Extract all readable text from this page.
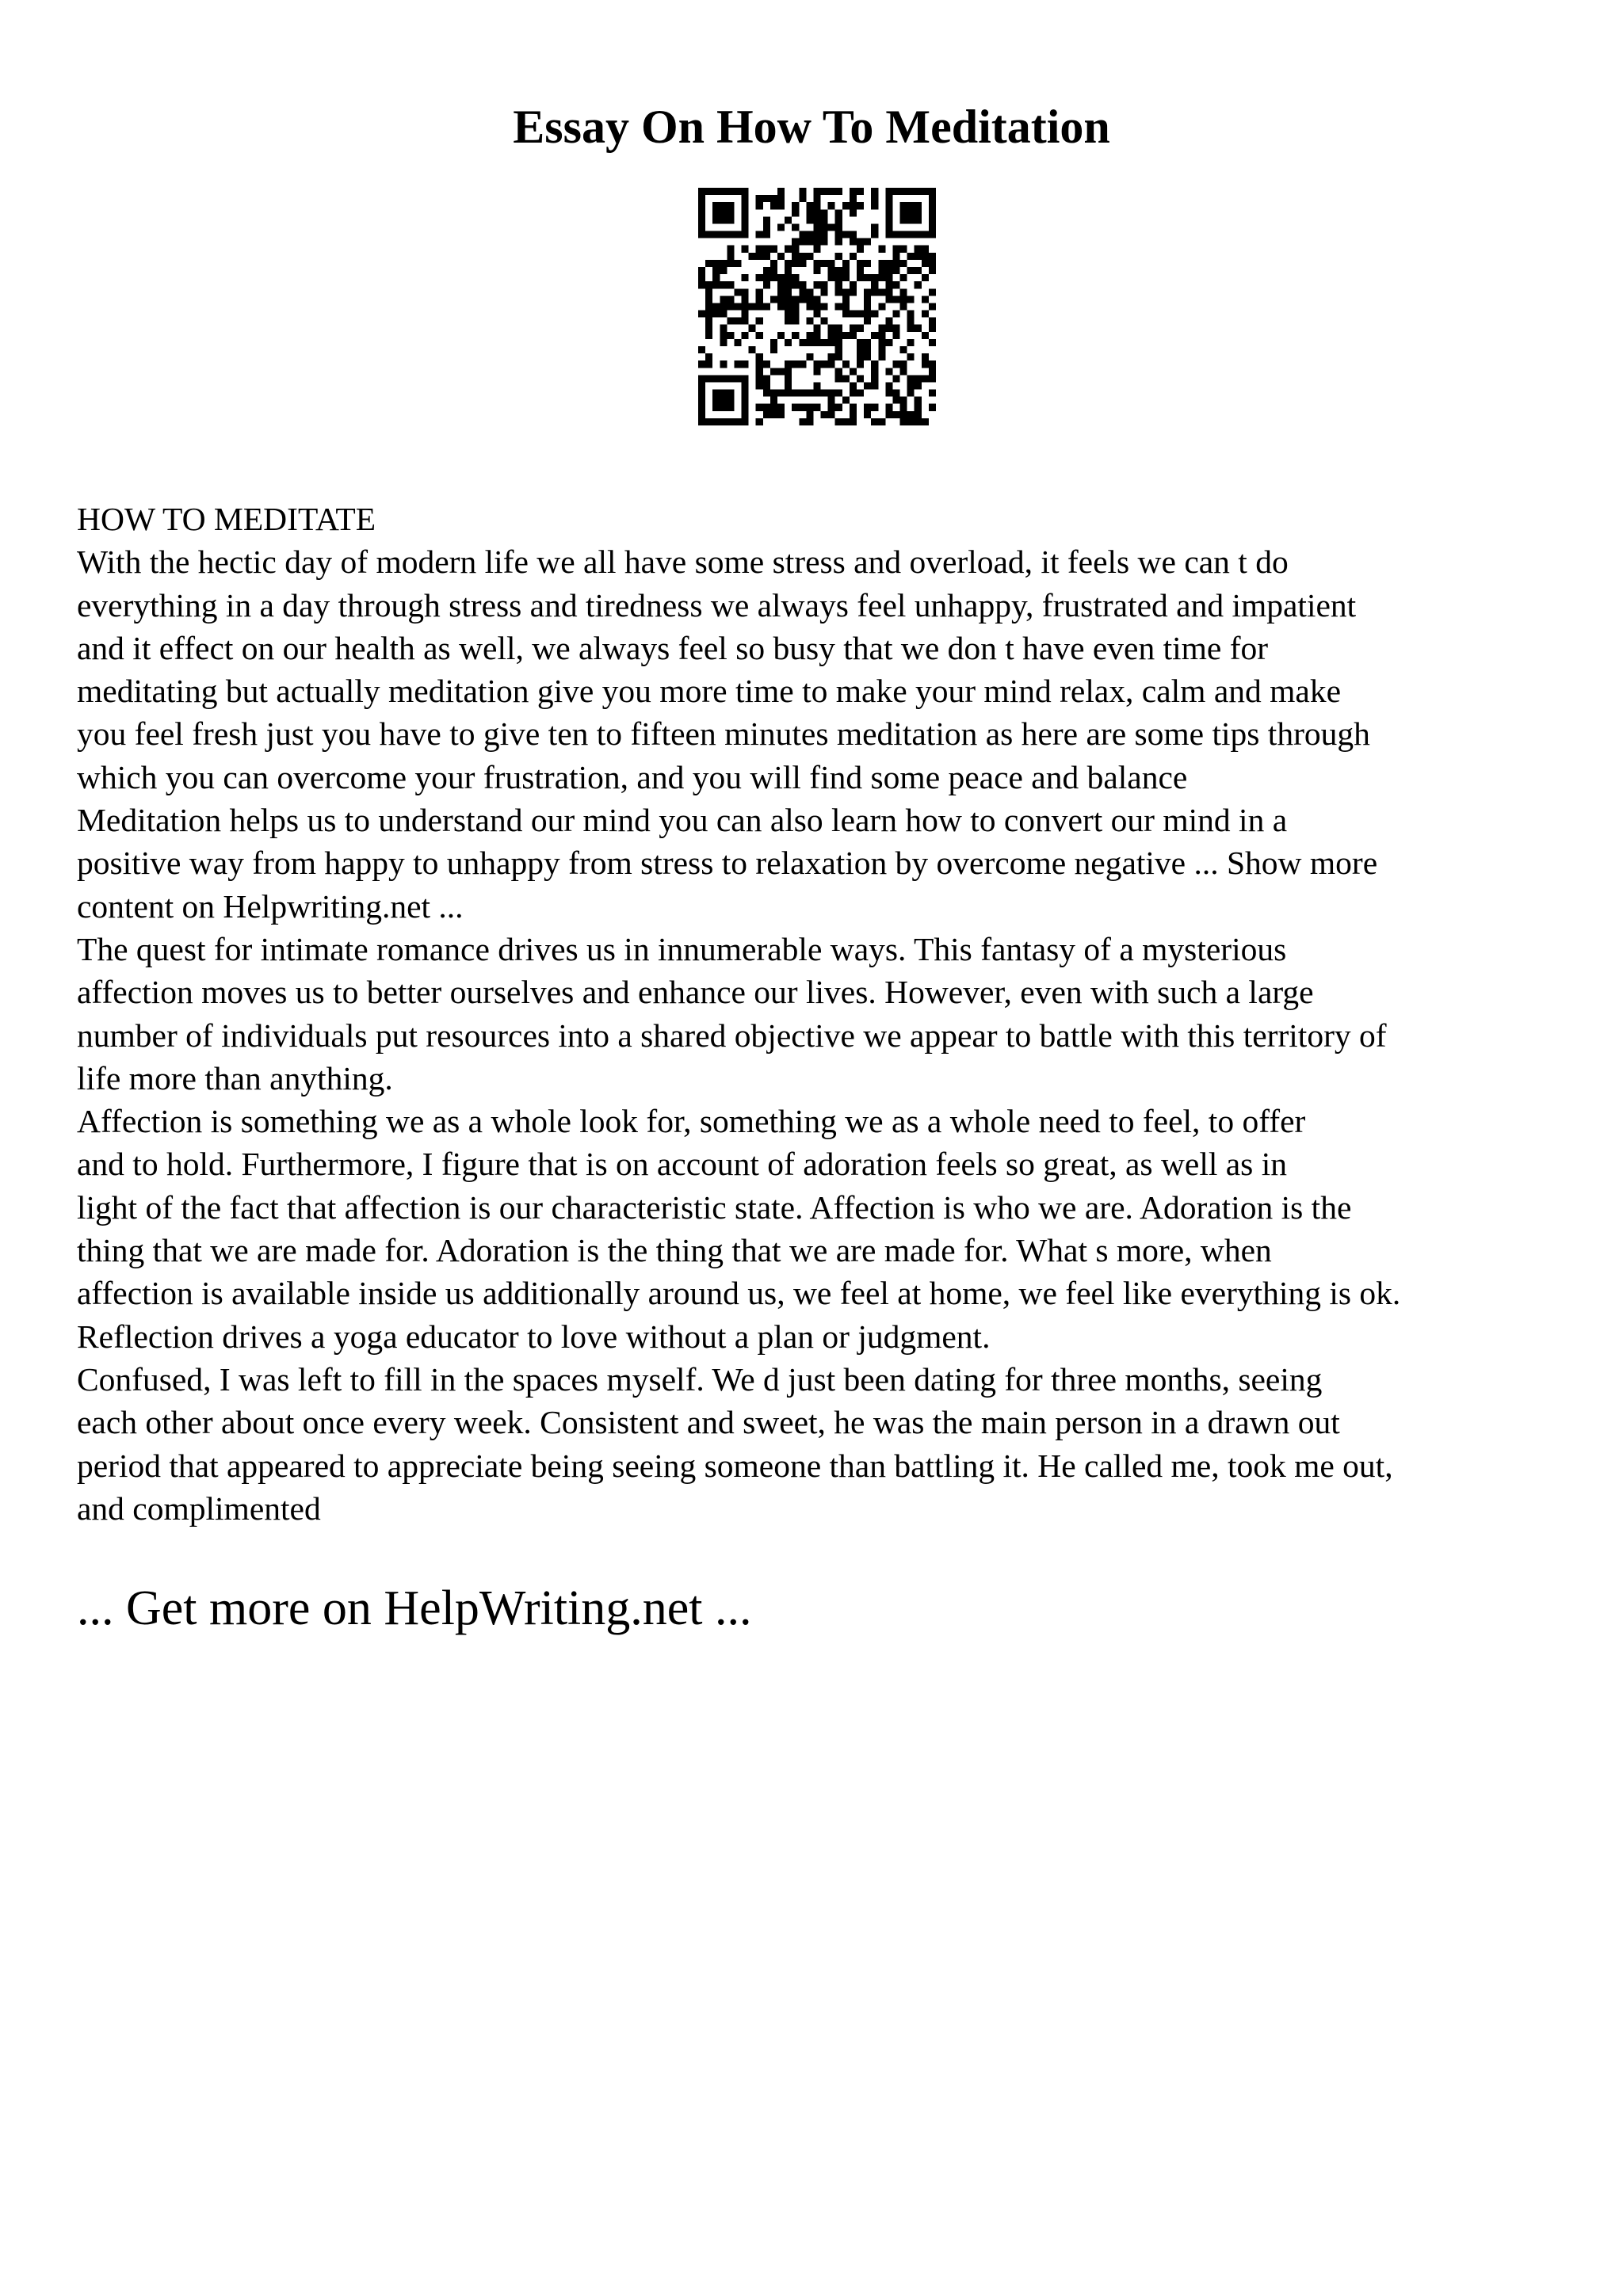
Essay On How To Meditation
HOW TO MEDITATE
With the hectic day of modern life we all have some stress and overload, it feels we can t do
everything in a day through stress and tiredness we always feel unhappy, frustrated and impatient
and it effect on our health as well, we always feel so busy that we don t have even time for
meditating but actually meditation give you more time to make your mind relax, calm and make
you feel fresh just you have to give ten to fifteen minutes meditation as here are some tips through
which you can overcome your frustration, and you will find some peace and balance
Meditation helps us to understand our mind you can also learn how to convert our mind in a
positive way from happy to unhappy from stress to relaxation by overcome negative ... Show more
content on Helpwriting.net ...
The quest for intimate romance drives us in innumerable ways. This fantasy of a mysterious
affection moves us to better ourselves and enhance our lives. However, even with such a large
number of individuals put resources into a shared objective we appear to battle with this territory of
life more than anything.
Affection is something we as a whole look for, something we as a whole need to feel, to offer
and to hold. Furthermore, I figure that is on account of adoration feels so great, as well as in
light of the fact that affection is our characteristic state. Affection is who we are. Adoration is the
thing that we are made for. Adoration is the thing that we are made for. What s more, when
affection is available inside us additionally around us, we feel at home, we feel like everything is ok.
Reflection drives a yoga educator to love without a plan or judgment.
Confused, I was left to fill in the spaces myself. We d just been dating for three months, seeing
each other about once every week. Consistent and sweet, he was the main person in a drawn out
period that appeared to appreciate being seeing someone than battling it. He called me, took me out,
and complimented
... Get more on HelpWriting.net ...
